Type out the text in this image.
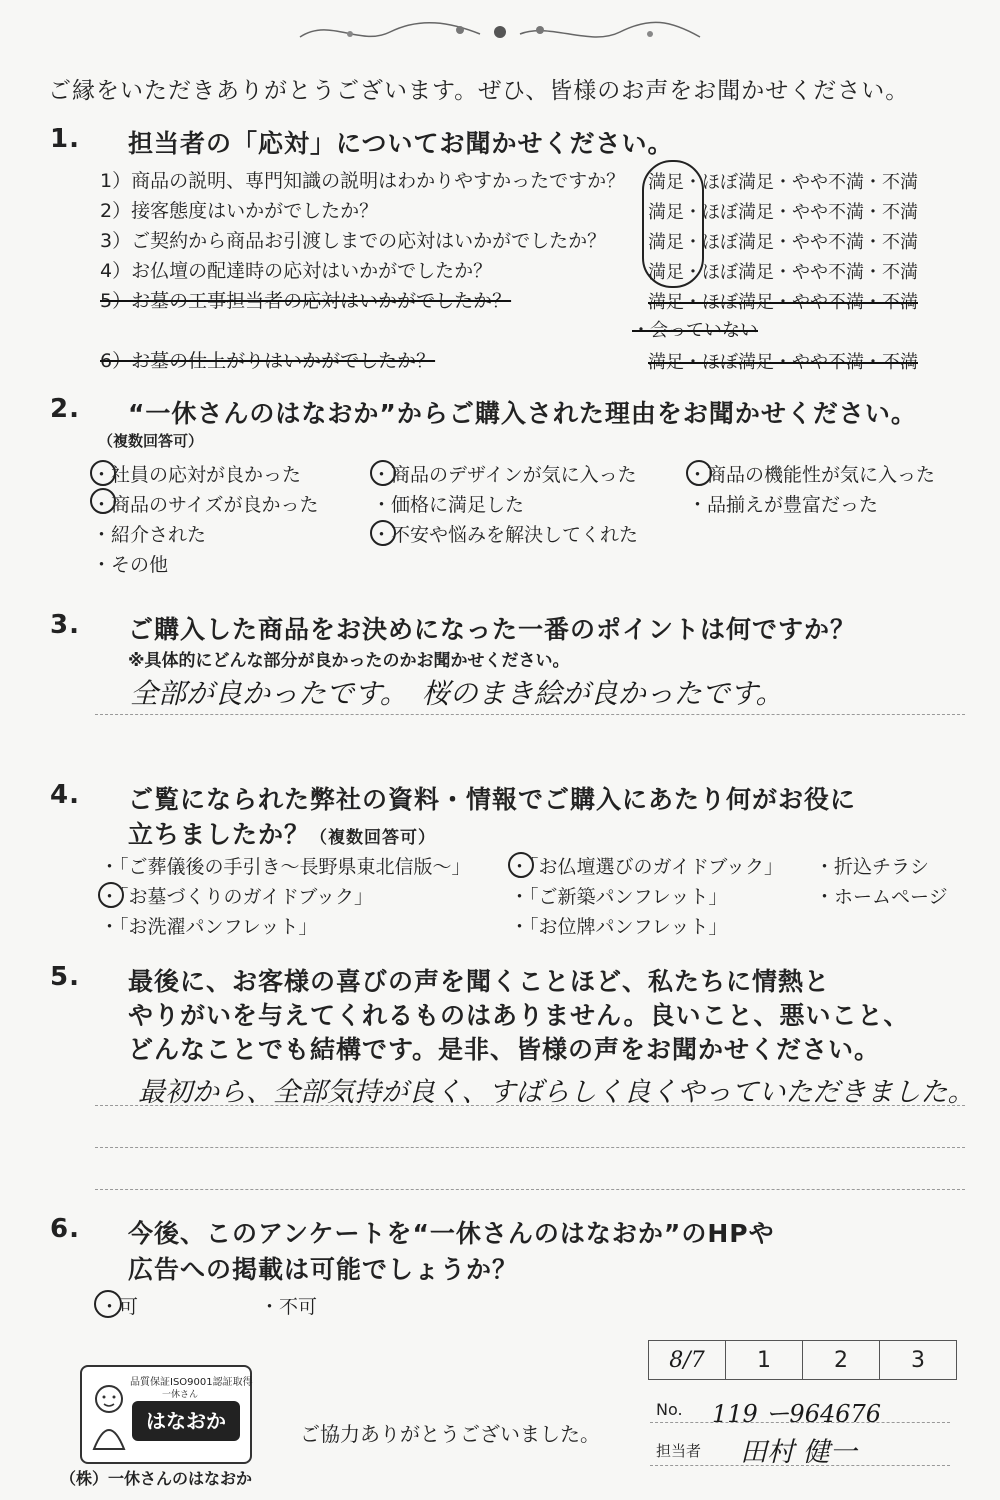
ご縁をいただきありがとうございます。ぜひ、皆様のお声をお聞かせください。
1. 担当者の「応対」についてお聞かせください。
1）商品の説明、専門知識の説明はわかりやすかったですか？ 満足・ほぼ満足・やや不満・不満
2）接客態度はいかがでしたか？	満足・ほぼ満足・やや不満・不満
3）ご契約から商品お引渡しまでの応対はいかがでしたか？ 満足・ほぼ満足・やや不満・不満
4）お仏壇の配達時の応対はいかがでしたか？	満足・ほぼ満足・やや不満・不満
5）お墓の工事担当者の応対はいかがでしたか？	満足・ほぼ満足・やや不満・不満
・会っていない
6）お墓の仕上がりはいかがでしたか？	満足・ほぼ満足・やや不満・不満
2. “一休さんのはなおか”からご購入された理由をお聞かせください。
（複数回答可）
・社員の応対が良かった	・商品のデザインが気に入った	・商品の機能性が気に入った
・商品のサイズが良かった	・価格に満足した	・品揃えが豊富だった
・紹介された	・不安や悩みを解決してくれた
・その他
3. ご購入した商品をお決めになった一番のポイントは何ですか？
※具体的にどんな部分が良かったのかお聞かせください。
全部が良かったです。　桜のまき絵が良かったです。
4. ご覧になられた弊社の資料・情報でご購入にあたり何がお役に
立ちましたか？（複数回答可）
・「ご葬儀後の手引き〜長野県東北信版〜」 ・「お仏壇選びのガイドブック」 ・折込チラシ
・「お墓づくりのガイドブック」	・「ご新築パンフレット」	・ホームページ
・「お洗濯パンフレット」	・「お位牌パンフレット」
5. 最後に、お客様の喜びの声を聞くことほど、私たちに情熱と
やりがいを与えてくれるものはありません。良いこと、悪いこと、
どんなことでも結構です。是非、皆様の声をお聞かせください。
最初から、全部気持が良く、すばらしく良くやっていただきました。
6. 今後、このアンケートを“一休さんのはなおか”のHPや
広告への掲載は可能でしょうか？
・可	・不可
品質保証ISO9001認証取得
一休さん
はなおか
（株）一休さんのはなおか
ご協力ありがとうございました。
8/7	1	2	3
No. 119 ー964676
担当者 田村 健一
